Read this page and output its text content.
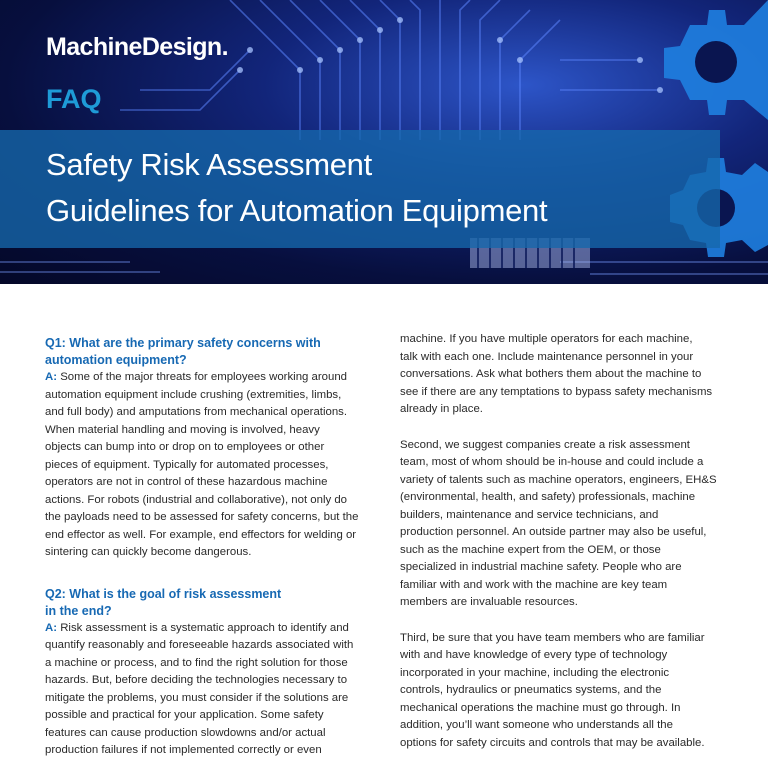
MachineDesign.
FAQ
Safety Risk Assessment
Guidelines for Automation Equipment
Q1: What are the primary safety concerns with
automation equipment?
A: Some of the major threats for employees working around
automation equipment include crushing (extremities, limbs,
and full body) and amputations from mechanical operations.
When material handling and moving is involved, heavy
objects can bump into or drop on to employees or other
pieces of equipment. Typically for automated processes,
operators are not in control of these hazardous machine
actions. For robots (industrial and collaborative), not only do
the payloads need to be assessed for safety concerns, but the
end effector as well. For example, end effectors for welding or
sintering can quickly become dangerous.
Q2: What is the goal of risk assessment
in the end?
A: Risk assessment is a systematic approach to identify and
quantify reasonably and foreseeable hazards associated with
a machine or process, and to find the right solution for those
hazards. But, before deciding the technologies necessary to
mitigate the problems, you must consider if the solutions are
possible and practical for your application. Some safety
features can cause production slowdowns and/or actual
production failures if not implemented correctly or even
machine. If you have multiple operators for each machine,
talk with each one. Include maintenance personnel in your
conversations. Ask what bothers them about the machine to
see if there are any temptations to bypass safety mechanisms
already in place.
Second, we suggest companies create a risk assessment
team, most of whom should be in-house and could include a
variety of talents such as machine operators, engineers, EH&S
(environmental, health, and safety) professionals, machine
builders, maintenance and service technicians, and
production personnel. An outside partner may also be useful,
such as the machine expert from the OEM, or those
specialized in industrial machine safety. People who are
familiar with and work with the machine are key team
members are invaluable resources.
Third, be sure that you have team members who are familiar
with and have knowledge of every type of technology
incorporated in your machine, including the electronic
controls, hydraulics or pneumatics systems, and the
mechanical operations the machine must go through. In
addition, you’ll want someone who understands all the
options for safety circuits and controls that may be available.
